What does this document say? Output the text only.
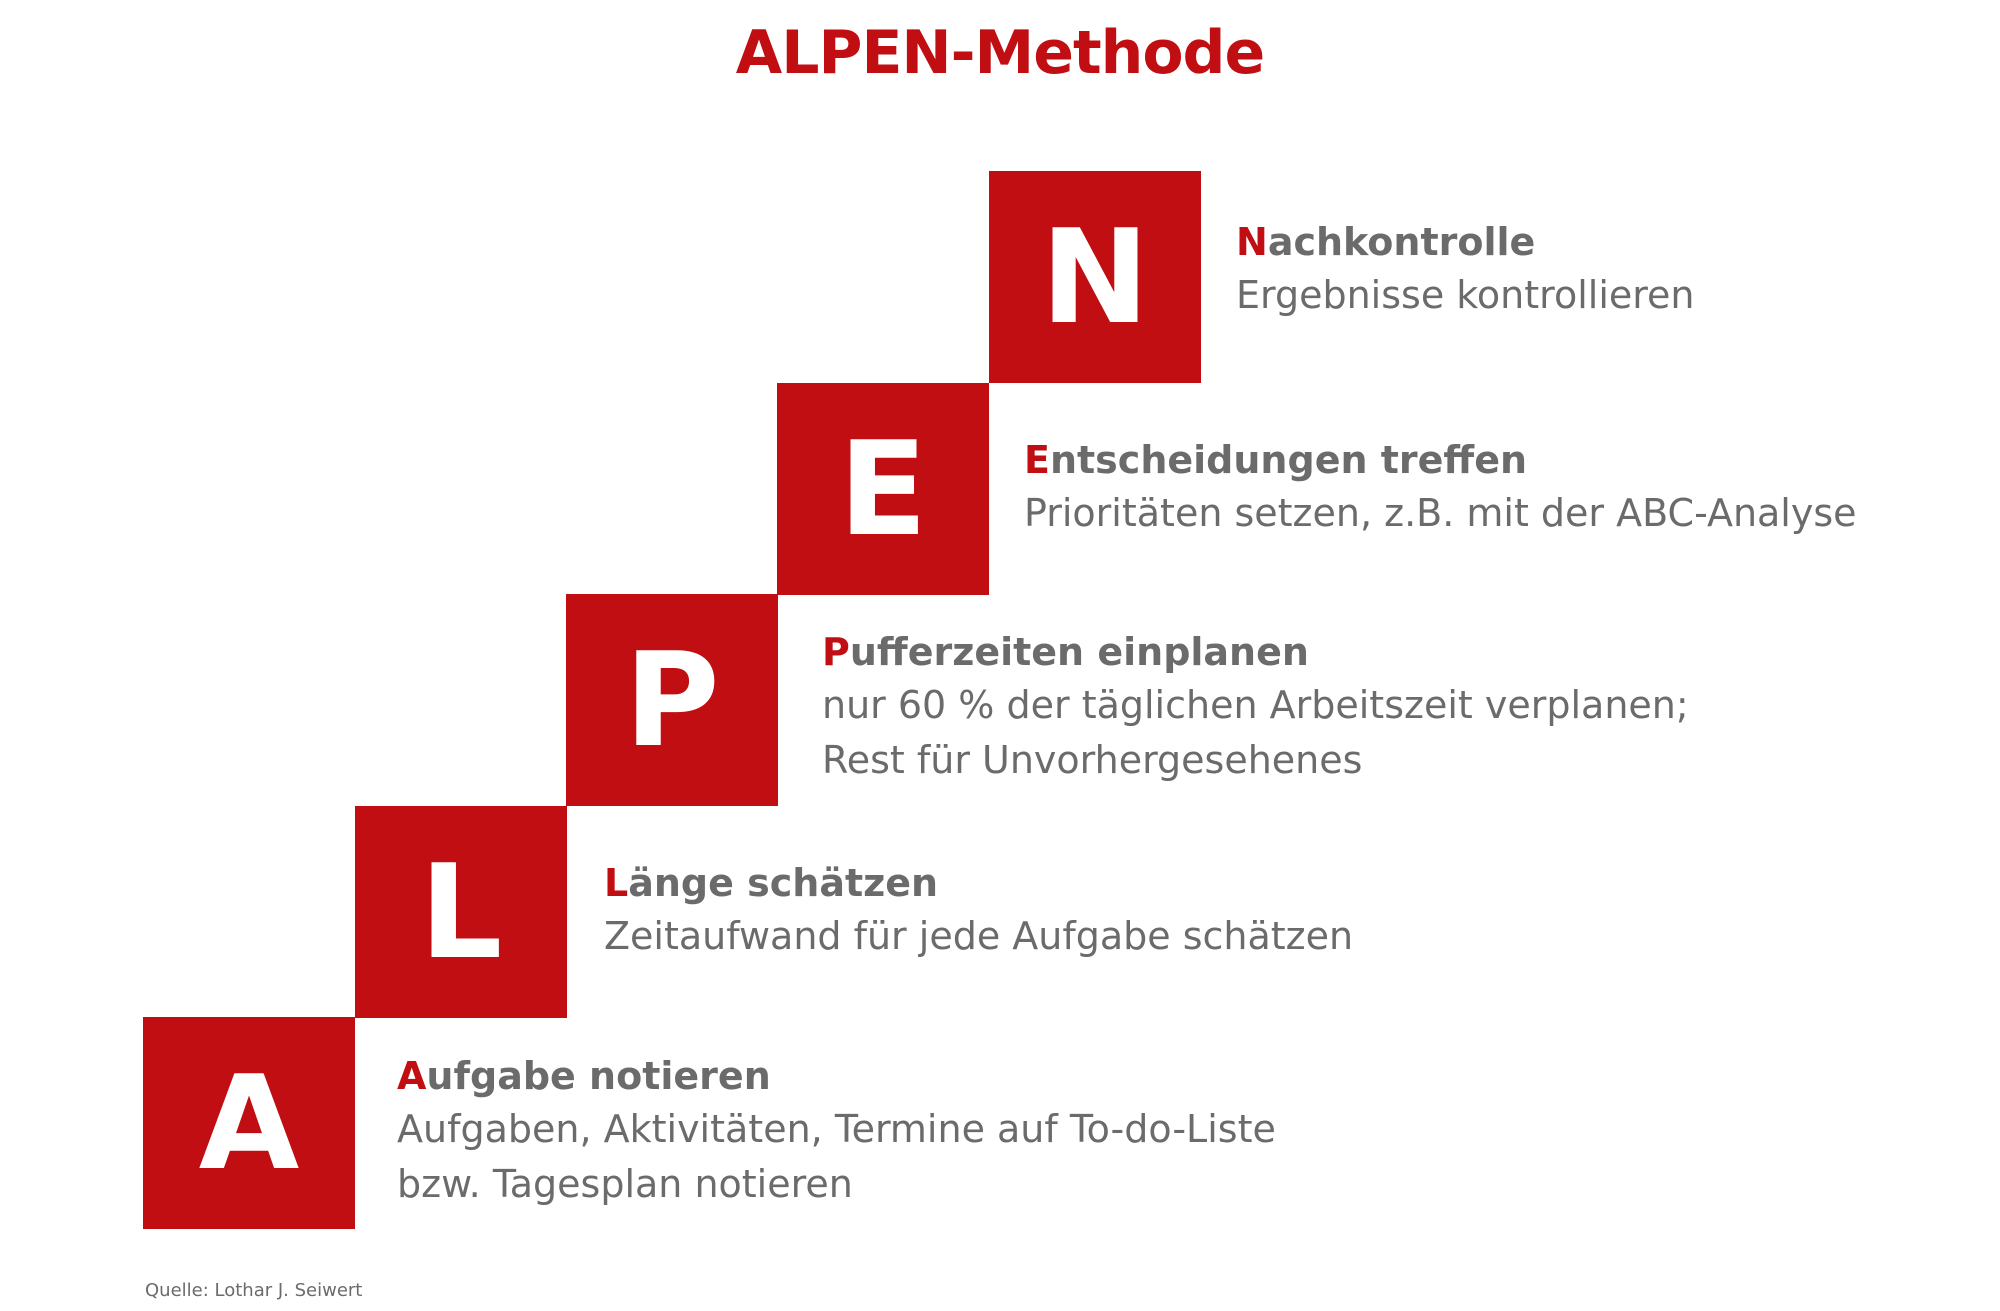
ALPEN-Methode
N	Nachkontrolle
Ergebnisse kontrollieren
E	Entscheidungen treffen
Prioritäten setzen, z.B. mit der ABC-Analyse
P	Pufferzeiten einplanen
nur 60 % der täglichen Arbeitszeit verplanen;
Rest für Unvorhergesehenes
L	Länge schätzen
Zeitaufwand für jede Aufgabe schätzen
A	Aufgabe notieren
Aufgaben, Aktivitäten, Termine auf To-do-Liste
bzw. Tagesplan notieren
Quelle: Lothar J. Seiwert
